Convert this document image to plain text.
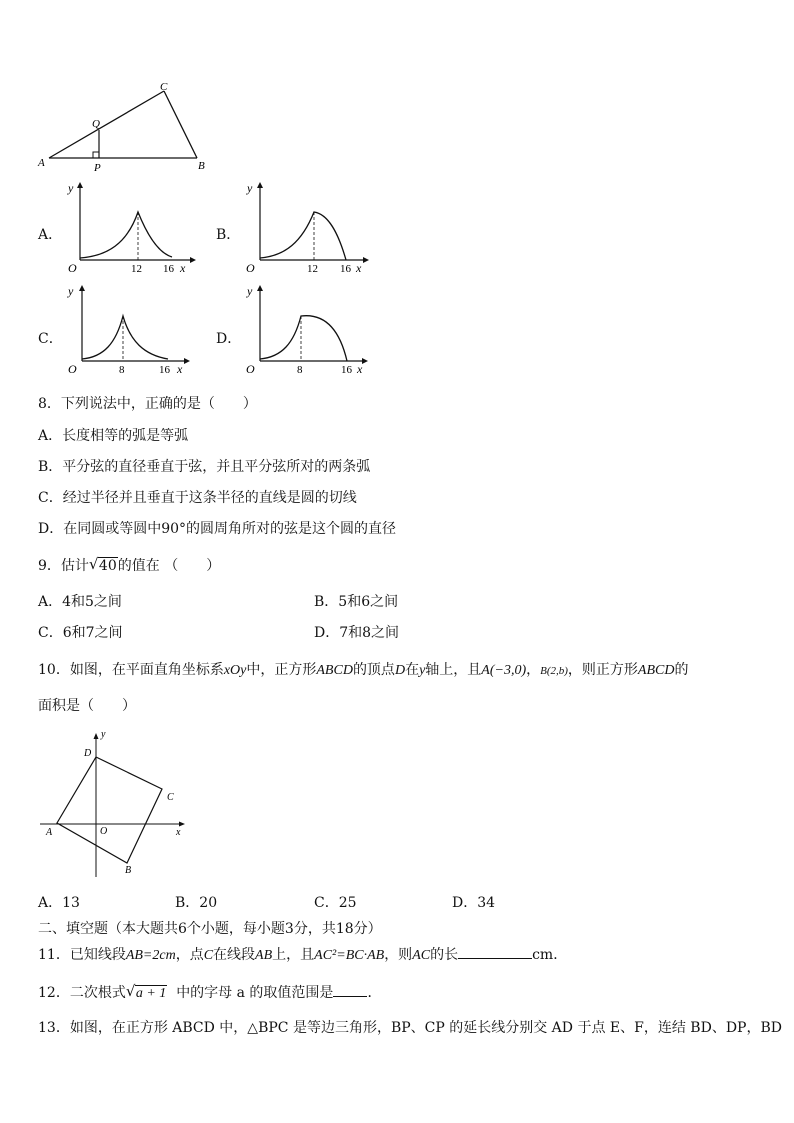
A	B
C
Q
P
A．
y
O	12 16 x
B．
y
O	12 16 x
C．
y
O	8	16 x
D．
y
O	8	16 x
8．下列说法中，正确的是（　　）
A．长度相等的弧是等弧
B．平分弦的直径垂直于弦，并且平分弦所对的两条弧
C．经过半径并且垂直于这条半径的直线是圆的切线
D．在同圆或等圆中90°的圆周角所对的弦是这个圆的直径
9．估计 √ 40的值在 （　　）
A．4和5之间	B．5和6之间
C．6和7之间	D．7和8之间
10．如图，在平面直角坐标系xOy中，正方形ABCD的顶点D在y轴上，且A(−3,0)，B(2,b)，则正方形ABCD的
面积是（　　）
D
C
A	O
B
x
y
A．13	B．20	C．25	D．34
二、填空题（本大题共6个小题，每小题3分，共18分）
11．已知线段AB=2cm，点C在线段AB上，且AC²=BC·AB，则AC的长	cm．
12．二次根式 √ a + 1 中的字母 a 的取值范围是 ．
13．如图，在正方形 ABCD 中，△BPC 是等边三角形，BP、CP 的延长线分别交 AD 于点 E、F，连结 BD、DP，BD
